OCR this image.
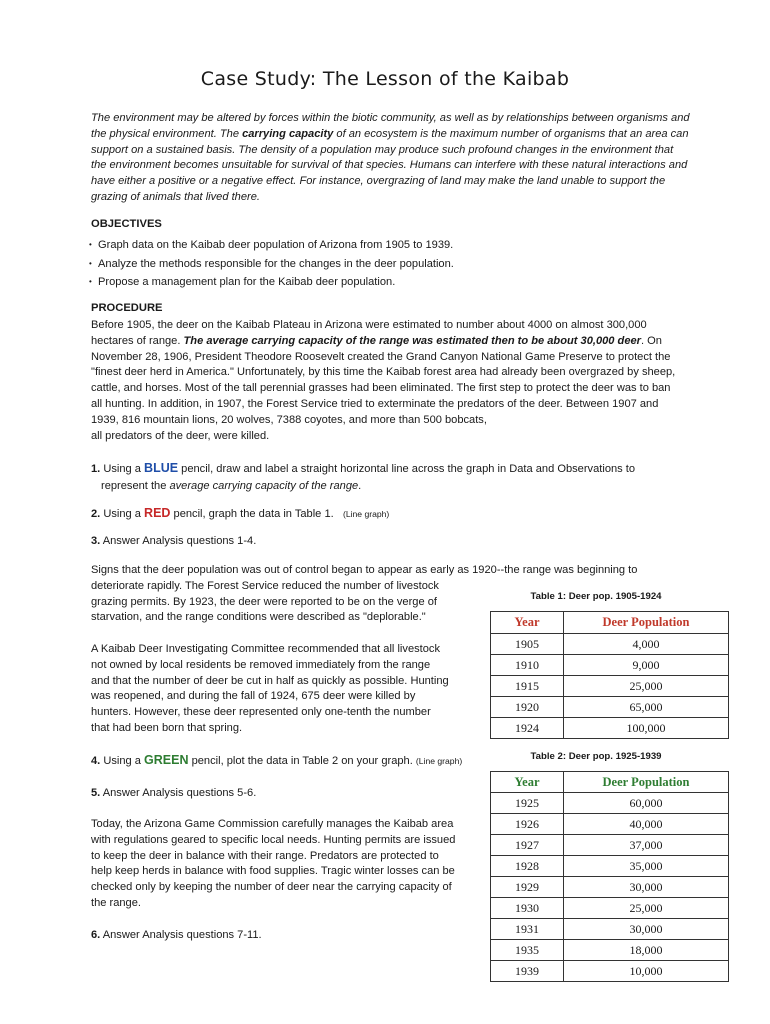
Case Study: The Lesson of the Kaibab
The environment may be altered by forces within the biotic community, as well as by relationships between organisms and the physical environment. The carrying capacity of an ecosystem is the maximum number of organisms that an area can support on a sustained basis. The density of a population may produce such profound changes in the environment that the environment becomes unsuitable for survival of that species. Humans can interfere with these natural interactions and have either a positive or a negative effect. For instance, overgrazing of land may make the land unable to support the grazing of animals that lived there.
OBJECTIVES
• Graph data on the Kaibab deer population of Arizona from 1905 to 1939.
• Analyze the methods responsible for the changes in the deer population.
• Propose a management plan for the Kaibab deer population.
PROCEDURE
Before 1905, the deer on the Kaibab Plateau in Arizona were estimated to number about 4000 on almost 300,000 hectares of range. The average carrying capacity of the range was estimated then to be about 30,000 deer. On November 28, 1906, President Theodore Roosevelt created the Grand Canyon National Game Preserve to protect the "finest deer herd in America." Unfortunately, by this time the Kaibab forest area had already been overgrazed by sheep, cattle, and horses. Most of the tall perennial grasses had been eliminated. The first step to protect the deer was to ban all hunting. In addition, in 1907, the Forest Service tried to exterminate the predators of the deer. Between 1907 and 1939, 816 mountain lions, 20 wolves, 7388 coyotes, and more than 500 bobcats,
all predators of the deer, were killed.
1. Using a BLUE pencil, draw and label a straight horizontal line across the graph in Data and Observations to
represent the average carrying capacity of the range.
2. Using a RED pencil, graph the data in Table 1. (Line graph)
3. Answer Analysis questions 1-4.
Signs that the deer population was out of control began to appear as early as 1920--the range was beginning to
deteriorate rapidly. The Forest Service reduced the number of livestock
grazing permits. By 1923, the deer were reported to be on the verge of
starvation, and the range conditions were described as "deplorable."
A Kaibab Deer Investigating Committee recommended that all livestock
not owned by local residents be removed immediately from the range
and that the number of deer be cut in half as quickly as possible. Hunting
was reopened, and during the fall of 1924, 675 deer were killed by
hunters. However, these deer represented only one-tenth the number
that had been born that spring.
4. Using a GREEN pencil, plot the data in Table 2 on your graph. (Line graph)
5. Answer Analysis questions 5-6.
Today, the Arizona Game Commission carefully manages the Kaibab area
with regulations geared to specific local needs. Hunting permits are issued
to keep the deer in balance with their range. Predators are protected to
help keep herds in balance with food supplies. Tragic winter losses can be
checked only by keeping the number of deer near the carrying capacity of
the range.
6. Answer Analysis questions 7-11.
Table 1: Deer pop. 1905-1924
Year	Deer Population
1905	4,000
1910	9,000
1915	25,000
1920	65,000
1924	100,000
Table 2: Deer pop. 1925-1939
Year	Deer Population
1925	60,000
1926	40,000
1927	37,000
1928	35,000
1929	30,000
1930	25,000
1931	30,000
1935	18,000
1939	10,000
